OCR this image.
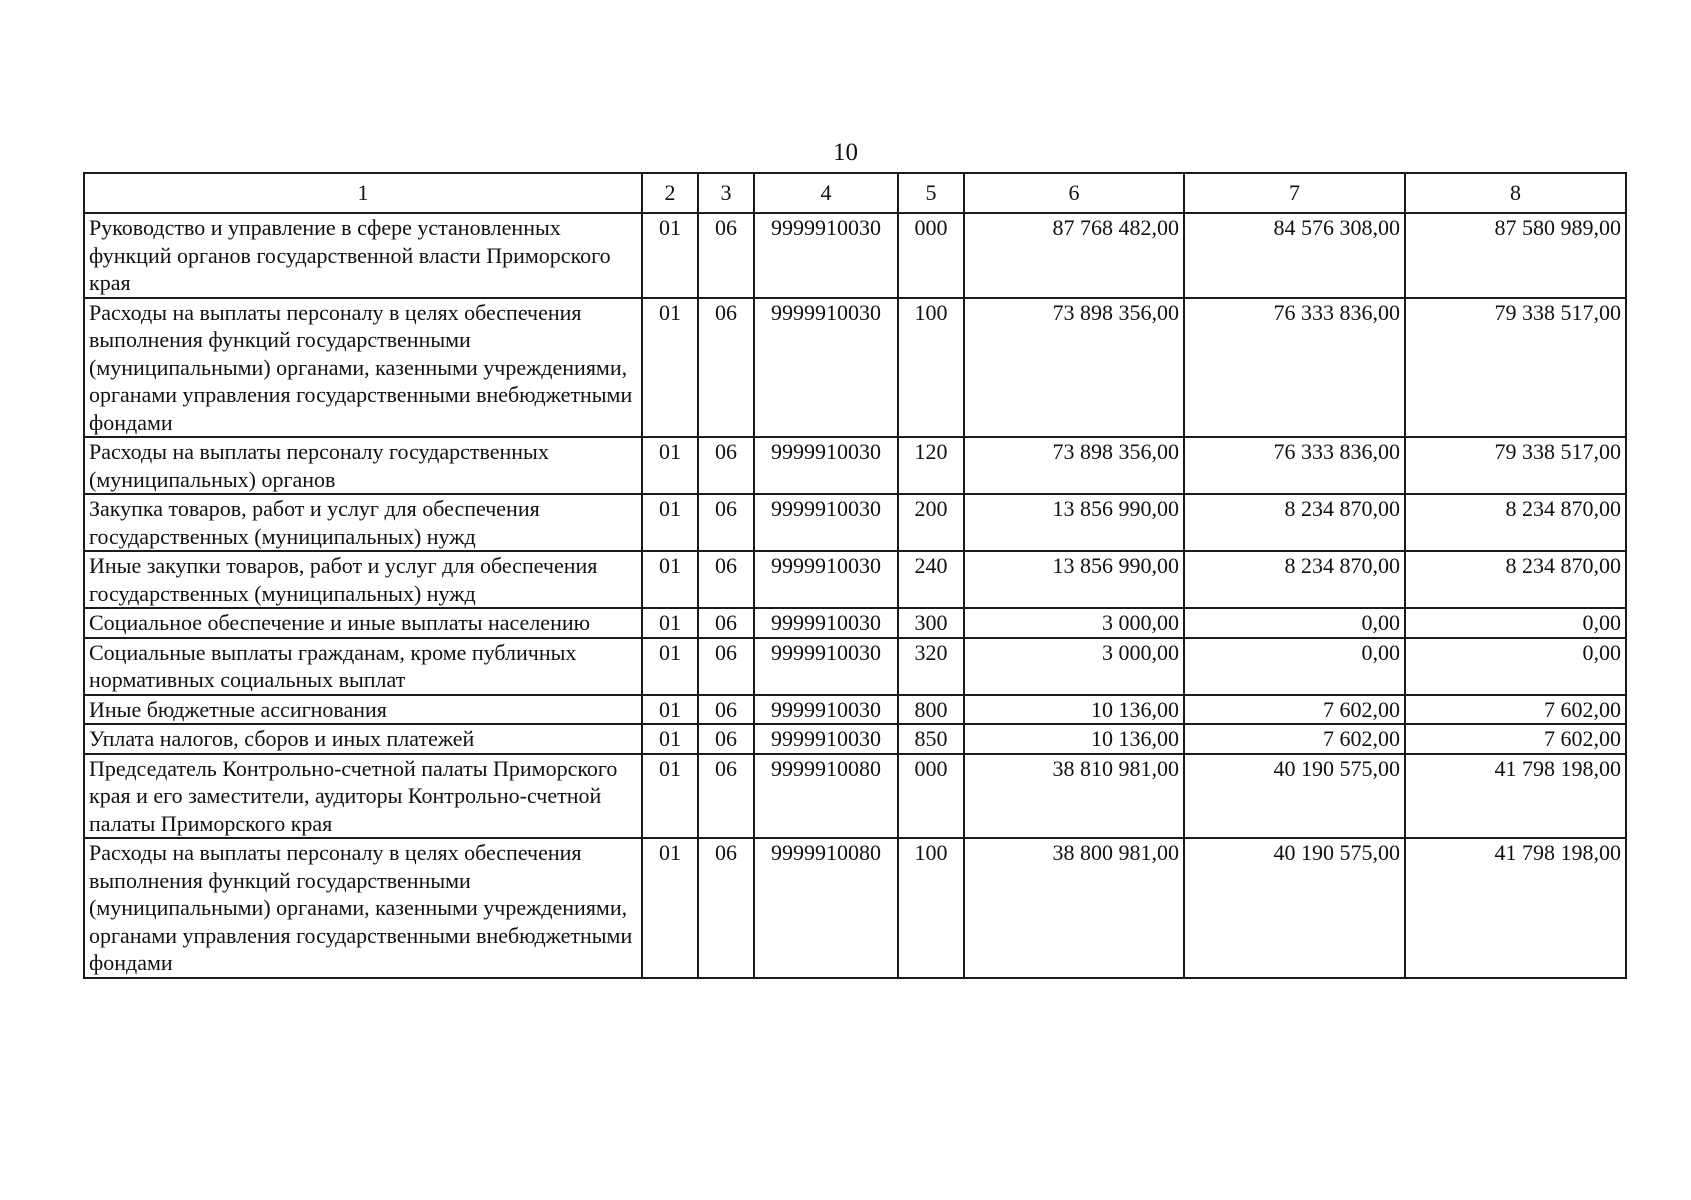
10
1	2	3	4	5	6	7	8
Руководство и управление в сфере установленных функций органов государственной власти Приморского края	01	06	9999910030	000	87 768 482,00	84 576 308,00	87 580 989,00
Расходы на выплаты персоналу в целях обеспечения выполнения функций государственными (муниципальными) органами, казенными учреждениями, органами управления государственными внебюджетными фондами	01	06	9999910030	100	73 898 356,00	76 333 836,00	79 338 517,00
Расходы на выплаты персоналу государственных (муниципальных) органов	01	06	9999910030	120	73 898 356,00	76 333 836,00	79 338 517,00
Закупка товаров, работ и услуг для обеспечения государственных (муниципальных) нужд	01	06	9999910030	200	13 856 990,00	8 234 870,00	8 234 870,00
Иные закупки товаров, работ и услуг для обеспечения государственных (муниципальных) нужд	01	06	9999910030	240	13 856 990,00	8 234 870,00	8 234 870,00
Социальное обеспечение и иные выплаты населению	01	06	9999910030	300	3 000,00	0,00	0,00
Социальные выплаты гражданам, кроме публичных нормативных социальных выплат	01	06	9999910030	320	3 000,00	0,00	0,00
Иные бюджетные ассигнования	01	06	9999910030	800	10 136,00	7 602,00	7 602,00
Уплата налогов, сборов и иных платежей	01	06	9999910030	850	10 136,00	7 602,00	7 602,00
Председатель Контрольно-счетной палаты Приморского края и его заместители, аудиторы Контрольно-счетной палаты Приморского края	01	06	9999910080	000	38 810 981,00	40 190 575,00	41 798 198,00
Расходы на выплаты персоналу в целях обеспечения выполнения функций государственными (муниципальными) органами, казенными учреждениями, органами управления государственными внебюджетными фондами	01	06	9999910080	100	38 800 981,00	40 190 575,00	41 798 198,00
